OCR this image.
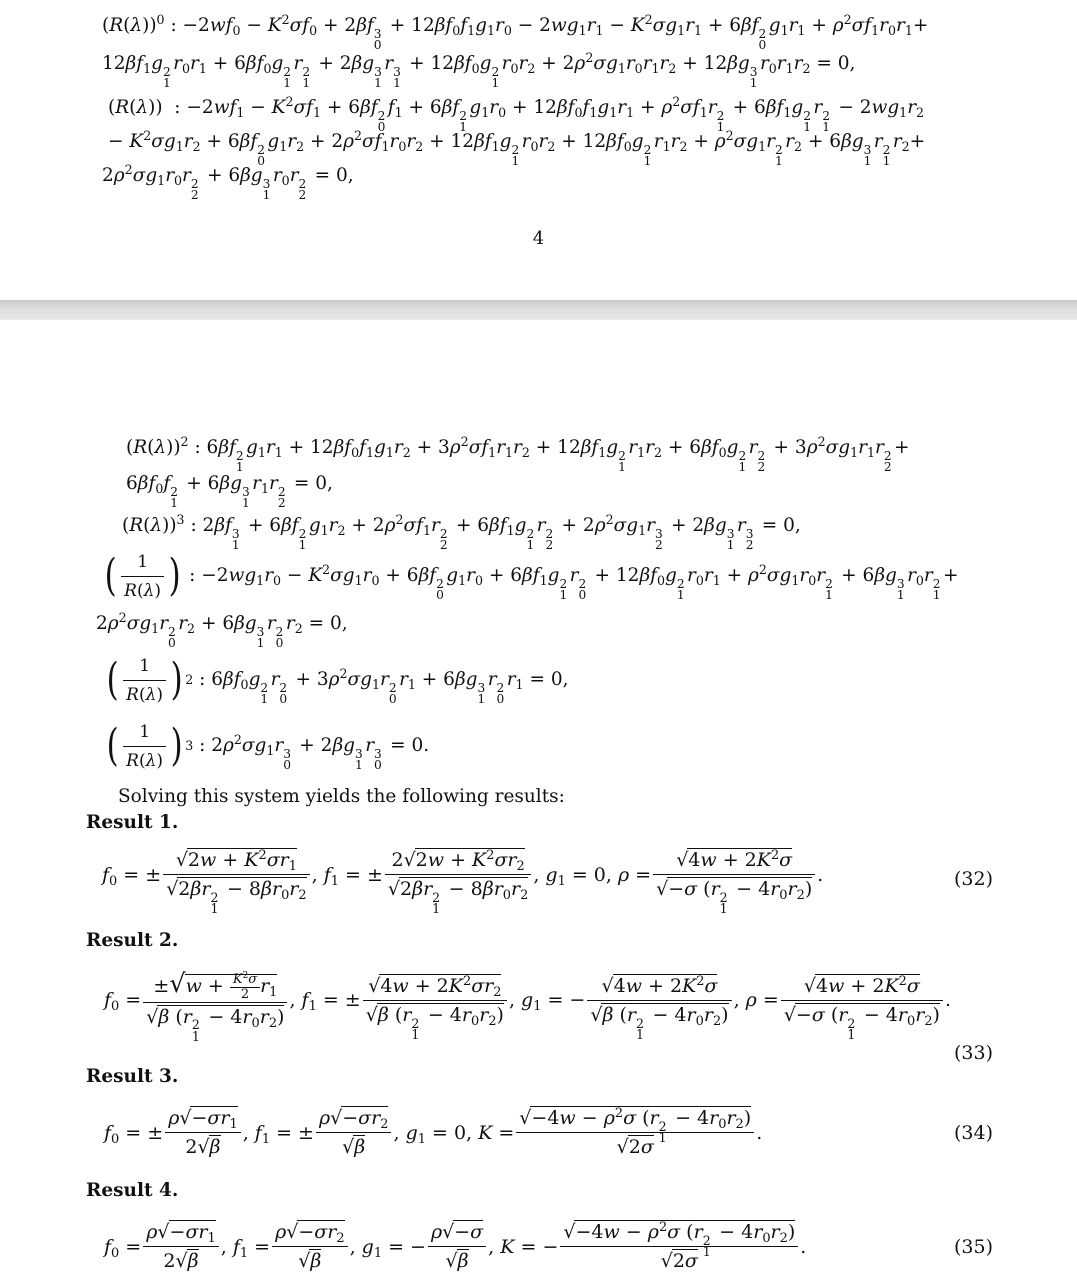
$(R(\lambda))^0$ : $-2wf_0 - K^2\sigma f_0 + 2\beta f$ 3
0
+ $12\beta f_0f_1g_1r_0 - 2wg_1r_1 - K^2\sigma g_1r_1 + 6\beta f$ 2
0
$g_1r_1 + \rho^2\sigma f_1r_0r_1+$
$12\beta f_1g$ 2
1
$r_0r_1 + 6\beta f_0g$ 2
1
r 2
1
+ 2βg 3
1
r 3
1
+ $12\beta f_0g$ 2
1
$r_0r_2 + 2\rho^2\sigma g_1r_0r_1r_2 + 12\beta g$ 3
1
$r_0r_1r_2 = 0$,
(R(λ))  : $-2wf_1 - K^2\sigma f_1 + 6\beta f$ 2
0
$f_1 + 6\beta f$ 2
1
$g_1r_0 + 12\beta f_0f_1g_1r_1 + \rho^2\sigma f_1r$ 2
1
+ $6\beta f_1g$ 2
1
r 2
1
− $2wg_1r_2$
− $K^2\sigma g_1r_2 + 6\beta f$ 2
0
$g_1r_2 + 2\rho^2\sigma f_1r_0r_2 + 12\beta f_1g$ 2
1
$r_0r_2 + 12\beta f_0g$ 2
1
$r_1r_2 + \rho^2\sigma g_1r$ 2
1
$r_2 + 6\beta g$ 3
1
r 2
1
$r_2+$
$2\rho^2\sigma g_1r_0r$ 2
2
+ 6βg 3
1
$r_0r$ 2
2
= 0,
4
$(R(\lambda))^2$ : 6βf 2
1
$g_1r_1 + 12\beta f_0f_1g_1r_2 + 3\rho^2\sigma f_1r_1r_2 + 12\beta f_1g$ 2
1
$r_1r_2 + 6\beta f_0g$ 2
1
r 2
2
+ $3\rho^2\sigma g_1r_1r$ 2
2
+
$6\beta f_0f$ 2
1
+ 6βg 3
1
$r_1r$ 2
2
= 0,
$(R(\lambda))^3$ : 2βf 3
1
+ 6βf 2
1
$g_1r_2 + 2\rho^2\sigma f_1r$ 2
2
+ $6\beta f_1g$ 2
1
r 2
2
+ $2\rho^2\sigma g_1r$ 3
2
+ 2βg 3
1
r 3
2
= 0,
(	1
R(λ) ) : $-2wg_1r_0 - K^2\sigma g_1r_0 + 6\beta f$ 2
0
$g_1r_0 + 6\beta f_1g$ 2
1
r 2
0
+ $12\beta f_0g$ 2
1
$r_0r_1 + \rho^2\sigma g_1r_0r$ 2
1
+ 6βg 3
1
$r_0r$ 2
1
+
$2\rho^2\sigma g_1r$ 2
0
$r_2 + 6\beta g$ 3
1
r 2
0
$r_2 = 0$,
(	1
R(λ) ) 2 : $6\beta f_0g$ 2
1
r 2
0
+ $3\rho^2\sigma g_1r$ 2
0
$r_1 + 6\beta g$ 3
1
r 2
0
$r_1 = 0$,
(	1
R(λ) ) 3 : $2\rho^2\sigma g_1r$ 3
0
+ 2βg 3
1
r 3
0
= 0.
Solving this system yields the following results:
Result 1.
$f_0$ = ± $√2w + K^2\sigma r_1$
√2βr 2
1
− $8\beta r_0r_2$ , $f_1$ = ± $2√2w + K^2\sigma r_2$
√2βr 2
1
− $8\beta r_0r_2$ , $g_1 = 0$, $\rho = √4w + 2K^2\sigma$
√−σ (r 2
1
− $4r_0r_2$) .	(32)
Result 2.
$f_0 = \pm√w + \frac{K^2\sigma}{2} r_1$
√β (r 2
1
− $4r_0r_2$) , $f_1$ = ± $√4w + 2K^2\sigma r_2$
√β (r 2
1
− $4r_0r_2$) , $g_1$ = − $√4w + 2K^2\sigma$
√β (r 2
1
− $4r_0r_2$) , $\rho = √4w + 2K^2\sigma$
√−σ (r 2
1
− $4r_0r_2$) .
(33)
Result 3.
$f_0$ = ± $\frac{\rho√-\sigma r_1}{2√\beta}$ , $f_1$ = ± $\frac{\rho√-\sigma r_2}{√\beta}$ , $g_1 = 0$, $K = √-4w - \rho^2\sigma$ (r 2
1
− $4r_0r_2$)
√2σ .	(34)
Result 4.
$f_0 = \frac{\rho√-\sigma r_1}{2√\beta}$ , $f_1 = \frac{\rho√-\sigma r_2}{√\beta}$ , $g_1$ = − $\frac{\rho√-\sigma}{√\beta}$ , K = − $√-4w - \rho^2\sigma$ (r 2
1
− $4r_0r_2$)
√2σ .	(35)
